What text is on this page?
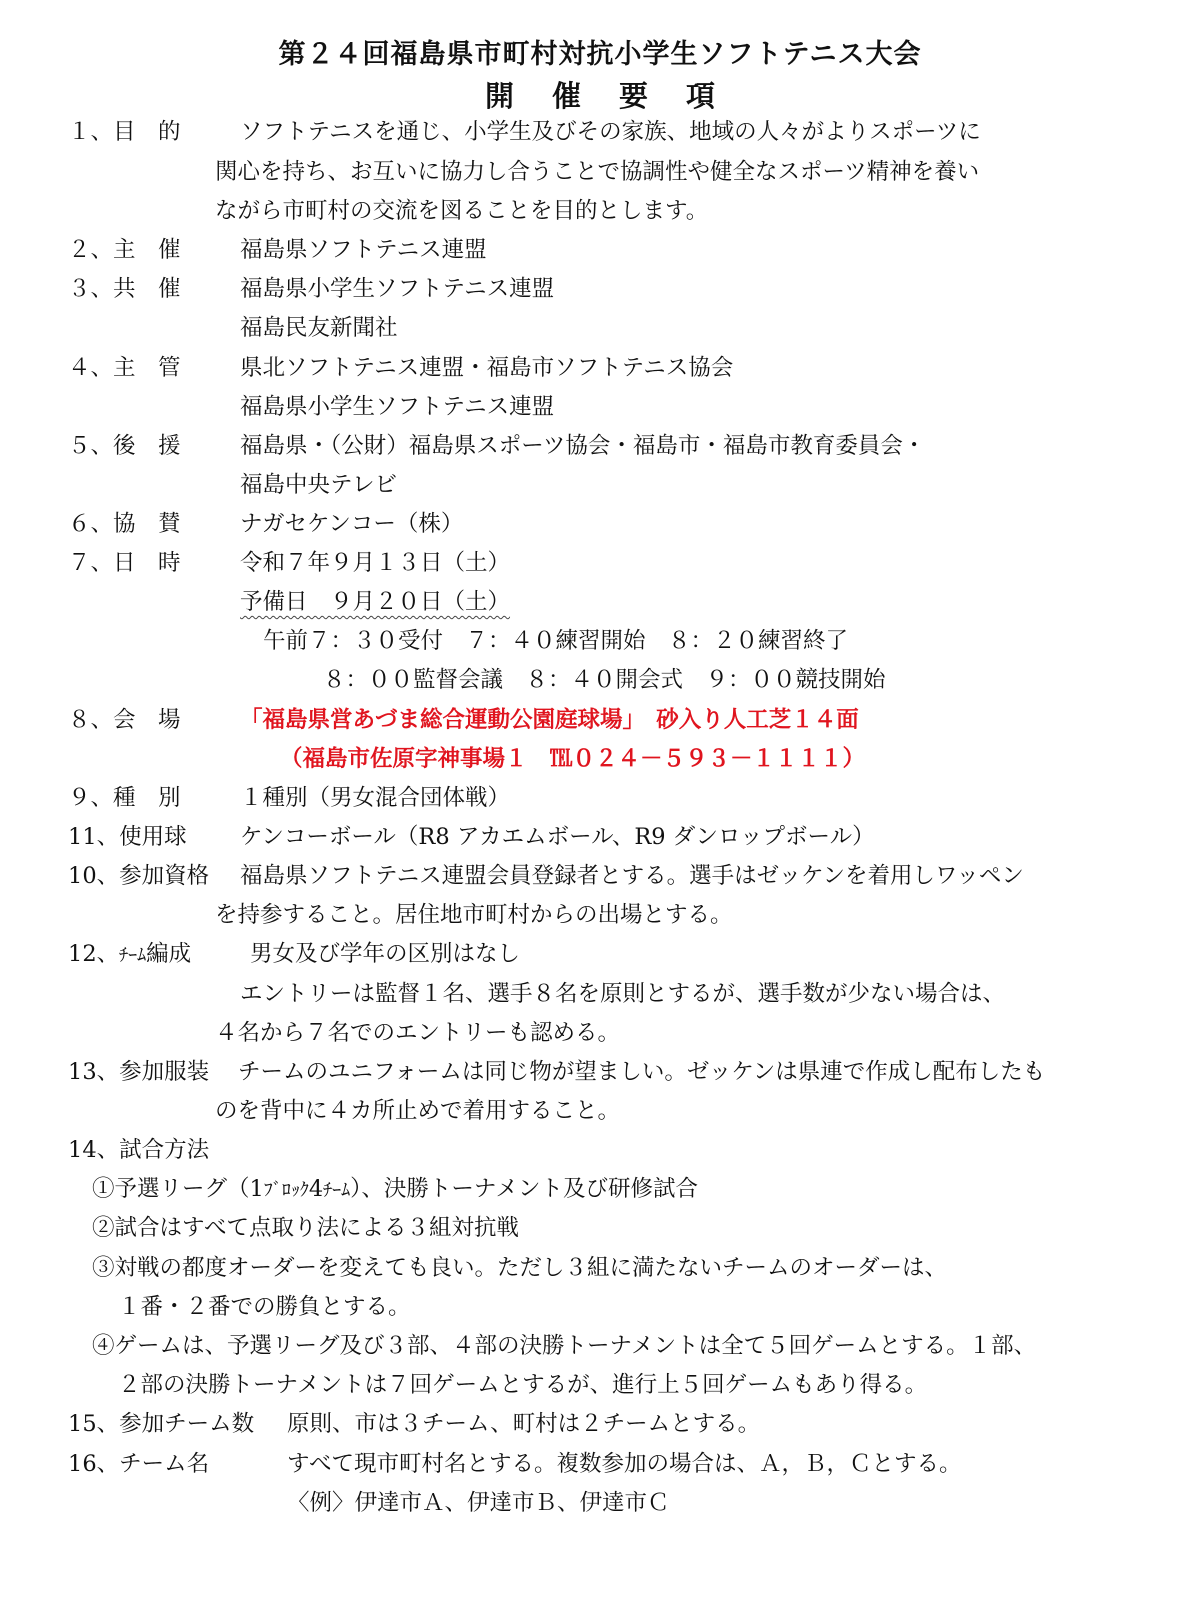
第２４回福島県市町村対抗小学生ソフトテニス大会
開催要項
１、目　的	ソフトテニスを通じ、小学生及びその家族、地域の人々がよりスポーツに
関心を持ち、お互いに協力し合うことで協調性や健全なスポーツ精神を養い
ながら市町村の交流を図ることを目的とします。
２、主　催	福島県ソフトテニス連盟
３、共　催	福島県小学生ソフトテニス連盟
福島民友新聞社
４、主　管	県北ソフトテニス連盟・福島市ソフトテニス協会
福島県小学生ソフトテニス連盟
５、後　援	福島県・（公財）福島県スポーツ協会・福島市・福島市教育委員会・
福島中央テレビ
６、協　賛	ナガセケンコー（株）
７、日　時	令和７年９月１３日（土）
予備日　９月２０日（土）
午前７：３０受付　７：４０練習開始　８：２０練習終了
８：００監督会議　８：４０開会式　９：００競技開始
８、会　場	「福島県営あづま総合運動公園庭球場」　砂入り人工芝１４面
（福島市佐原字神事場１　℡０２４－５９３－１１１１）
９、種　別	１種別（男女混合団体戦）
11、使用球 ケンコーボール（R8 アカエムボール、R9 ダンロップボール）
10、参加資格 福島県ソフトテニス連盟会員登録者とする。選手はゼッケンを着用しワッペン
を持参すること。居住地市町村からの出場とする。
12、ﾁｰﾑ編成	男女及び学年の区別はなし
エントリーは監督１名、選手８名を原則とするが、選手数が少ない場合は、
４名から７名でのエントリーも認める。
13、参加服装 チームのユニフォームは同じ物が望ましい。ゼッケンは県連で作成し配布したも
のを背中に４カ所止めで着用すること。
14、試合方法
①予選リーグ（1ﾌﾞﾛｯｸ4ﾁｰﾑ）、決勝トーナメント及び研修試合
②試合はすべて点取り法による３組対抗戦
③対戦の都度オーダーを変えても良い。ただし３組に満たないチームのオーダーは、
１番・２番での勝負とする。
④ゲームは、予選リーグ及び３部、４部の決勝トーナメントは全て５回ゲームとする。１部、
２部の決勝トーナメントは７回ゲームとするが、進行上５回ゲームもあり得る。
15、参加チーム数 原則、市は３チーム、町村は２チームとする。
16、チーム名	すべて現市町村名とする。複数参加の場合は、Ａ，Ｂ，Ｃとする。
〈例〉伊達市Ａ、伊達市Ｂ、伊達市Ｃ
